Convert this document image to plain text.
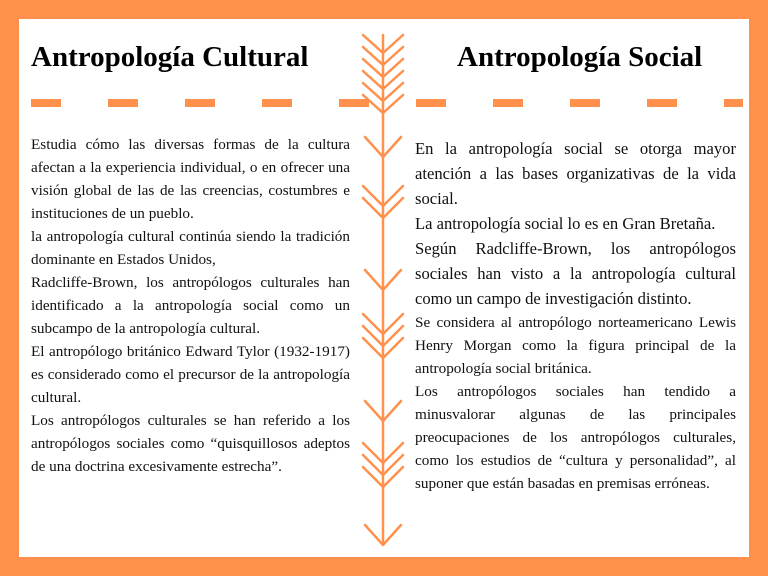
Antropología Cultural	Antropología Social

Estudia cómo las diversas formas de la cultura afectan a la experiencia individual, o en ofrecer una visión global de las de las creencias, costumbres e instituciones de un pueblo.

la antropología cultural continúa siendo la tradición dominante en Estados Unidos,

Radcliffe-Brown, los antropólogos culturales han identificado a la antropología social como un subcampo de la antropología cultural.

El antropólogo británico Edward Tylor (1932-1917) es considerado como el precursor de la antropología cultural.

Los antropólogos culturales se han referido a los antropólogos sociales como “quisquillosos adeptos de una doctrina excesivamente estrecha”.

En la antropología social se otorga mayor atención a las bases organizativas de la vida social.

La antropología social lo es en Gran Bretaña.

Según Radcliffe-Brown, los antropólogos sociales han visto a la antropología cultural como un campo de investigación distinto.

Se considera al antropólogo norteamericano Lewis Henry Morgan como la figura principal de la antropología social británica.

Los antropólogos sociales han tendido a minusvalorar algunas de las principales preocupaciones de los antropólogos culturales, como los estudios de “cultura y personalidad”, al suponer que están basadas en premisas erróneas.
